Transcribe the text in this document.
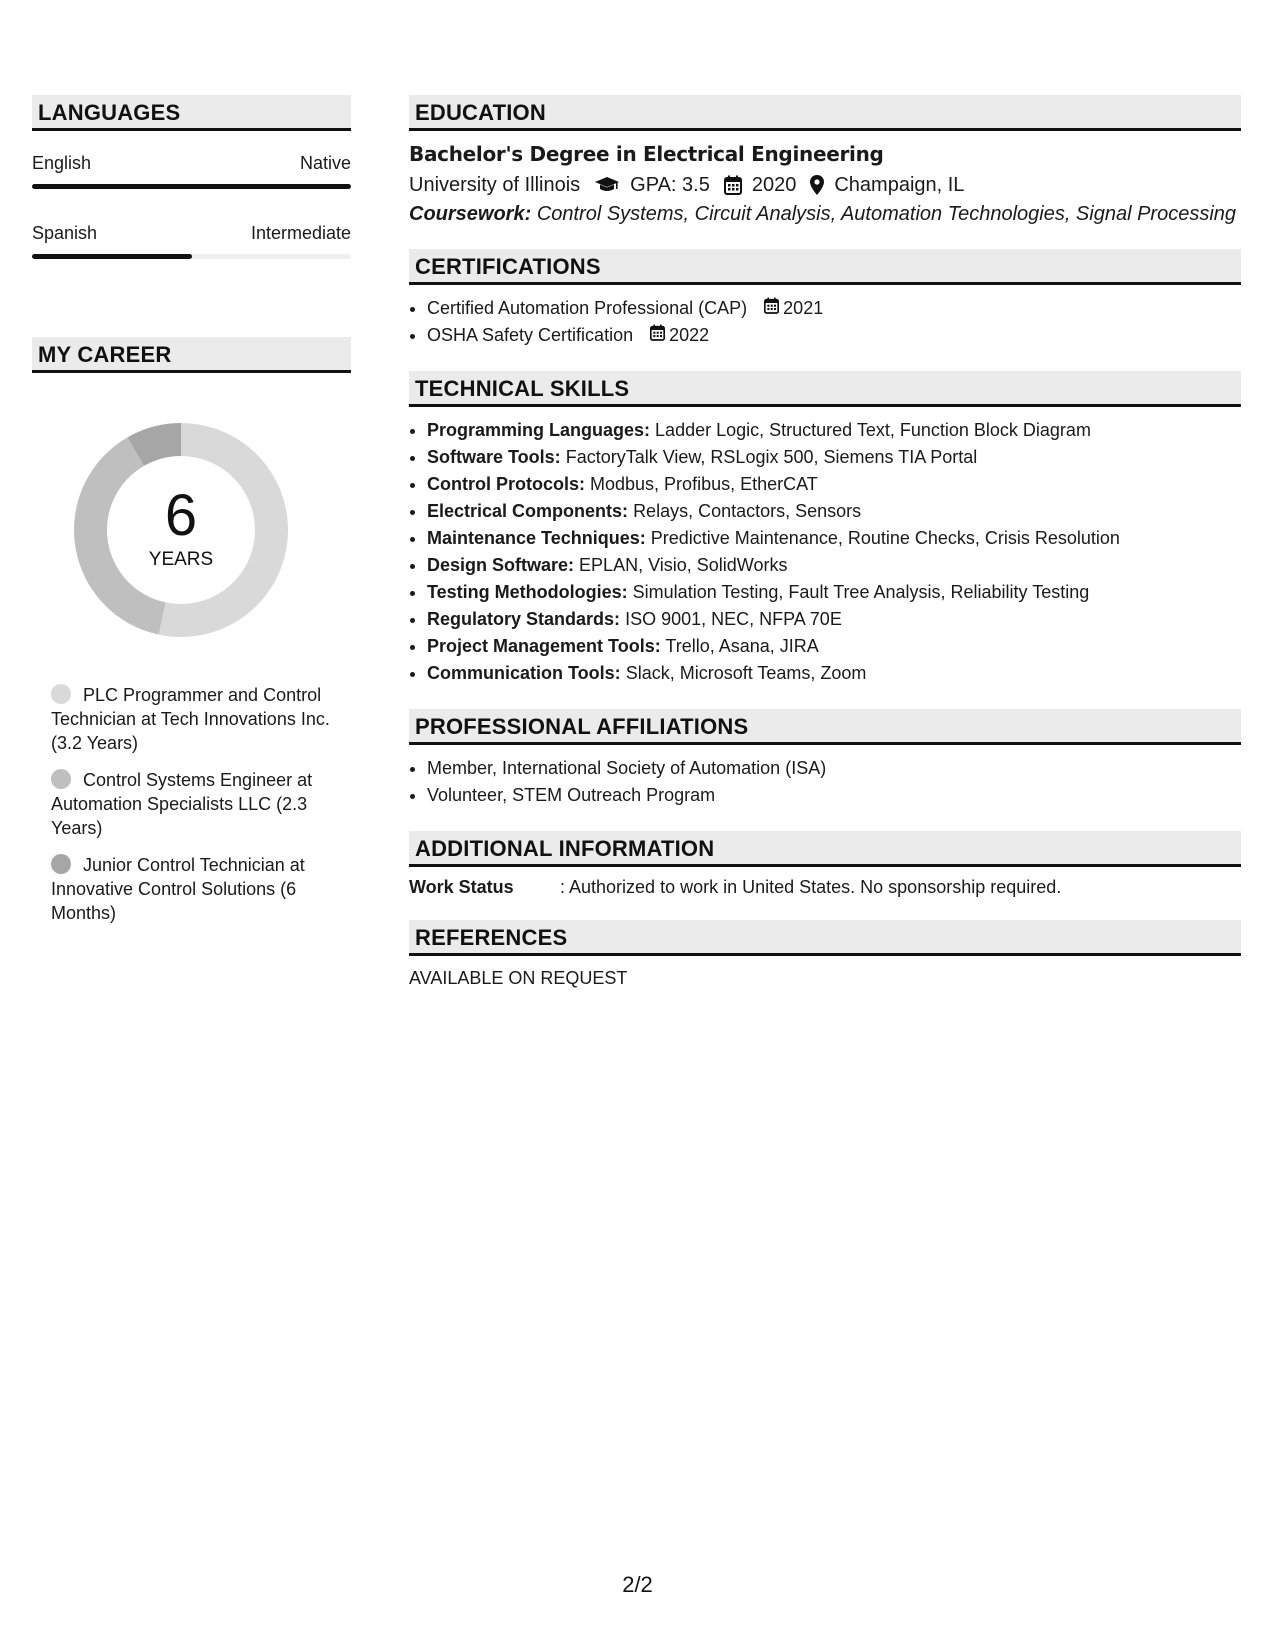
LANGUAGES
English	Native
Spanish	Intermediate
MY CAREER
6
YEARS
PLC Programmer and Control Technician at Tech Innovations Inc. (3.2 Years)
Control Systems Engineer at Automation Specialists LLC (2.3 Years)
Junior Control Technician at Innovative Control Solutions (6 Months)
EDUCATION
Bachelor's Degree in Electrical Engineering
University of Illinois	GPA: 3.5 2020 Champaign, IL
Coursework: Control Systems, Circuit Analysis, Automation Technologies, Signal Processing
CERTIFICATIONS
• Certified Automation Professional (CAP) 2021
• OSHA Safety Certification 2022
TECHNICAL SKILLS
• Programming Languages: Ladder Logic, Structured Text, Function Block Diagram
• Software Tools: FactoryTalk View, RSLogix 500, Siemens TIA Portal
• Control Protocols: Modbus, Profibus, EtherCAT
• Electrical Components: Relays, Contactors, Sensors
• Maintenance Techniques: Predictive Maintenance, Routine Checks, Crisis Resolution
• Design Software: EPLAN, Visio, SolidWorks
• Testing Methodologies: Simulation Testing, Fault Tree Analysis, Reliability Testing
• Regulatory Standards: ISO 9001, NEC, NFPA 70E
• Project Management Tools: Trello, Asana, JIRA
• Communication Tools: Slack, Microsoft Teams, Zoom
PROFESSIONAL AFFILIATIONS
• Member, International Society of Automation (ISA)
• Volunteer, STEM Outreach Program
ADDITIONAL INFORMATION
Work Status	: Authorized to work in United States. No sponsorship required.
REFERENCES
AVAILABLE ON REQUEST
2/2
